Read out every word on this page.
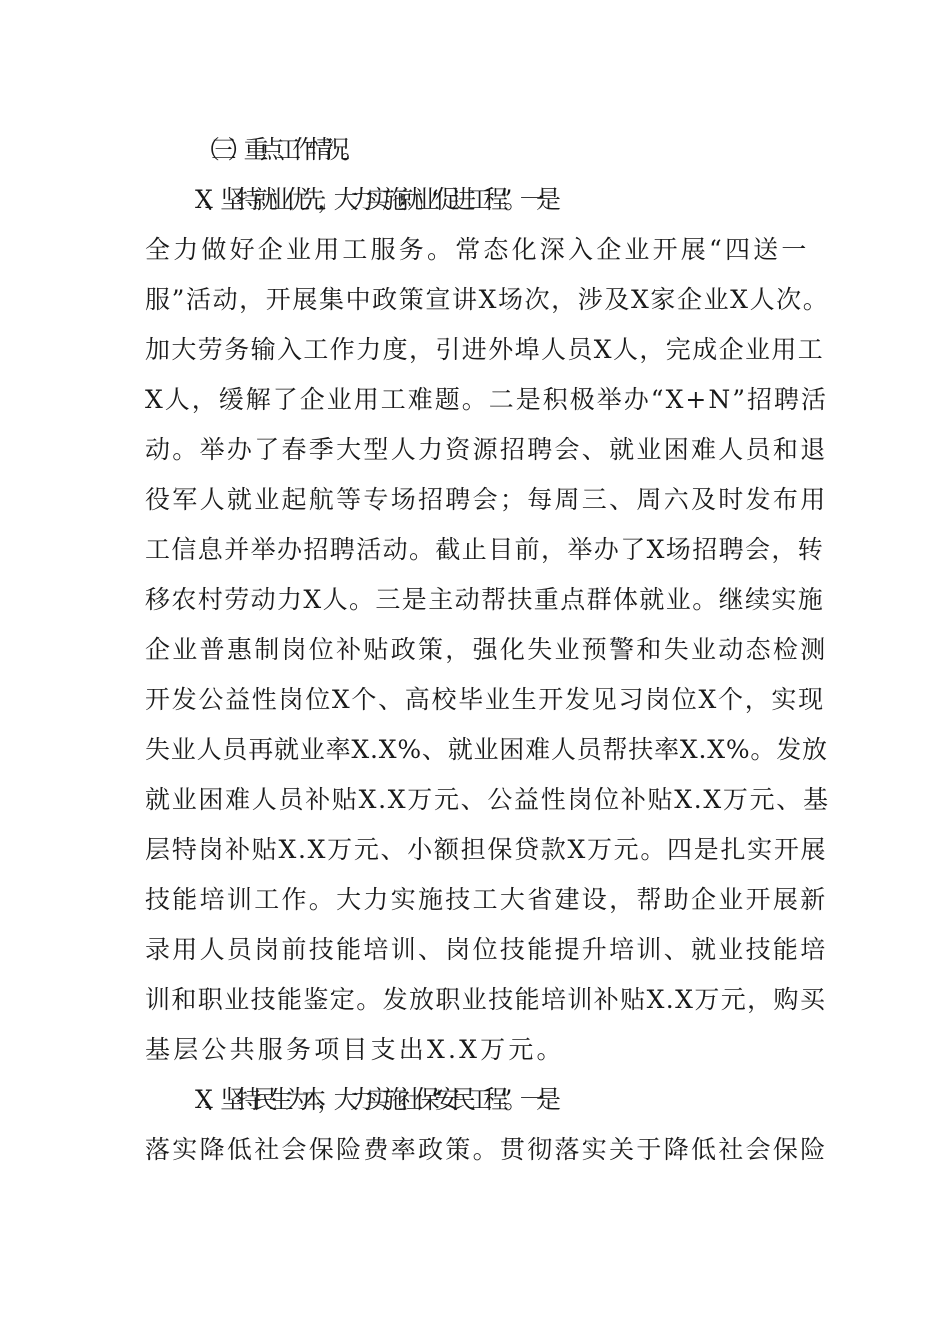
（三）重点工作情况。
X、坚持就业优先，大力实施就业“促进工程”。一是
全力做好企业用工服务。常态化深入企业开展“四送一
服”活动，开展集中政策宣讲X场次，涉及X家企业X人次。
加大劳务输入工作力度，引进外埠人员X人，完成企业用工
X人，缓解了企业用工难题。二是积极举办“X+N”招聘活
动。举办了春季大型人力资源招聘会、就业困难人员和退
役军人就业起航等专场招聘会；每周三、周六及时发布用
工信息并举办招聘活动。截止目前，举办了X场招聘会，转
移农村劳动力X人。三是主动帮扶重点群体就业。继续实施
企业普惠制岗位补贴政策，强化失业预警和失业动态检测
开发公益性岗位X个、高校毕业生开发见习岗位X个，实现
失业人员再就业率X.X%、就业困难人员帮扶率X.X%。发放
就业困难人员补贴X.X万元、公益性岗位补贴X.X万元、基
层特岗补贴X.X万元、小额担保贷款X万元。四是扎实开展
技能培训工作。大力实施技工大省建设，帮助企业开展新
录用人员岗前技能培训、岗位技能提升培训、就业技能培
训和职业技能鉴定。发放职业技能培训补贴X.X万元，购买
基层公共服务项目支出X.X万元。
X、坚持民生为本，大力实施社保“安民工程”。一是
落实降低社会保险费率政策。贯彻落实关于降低社会保险
